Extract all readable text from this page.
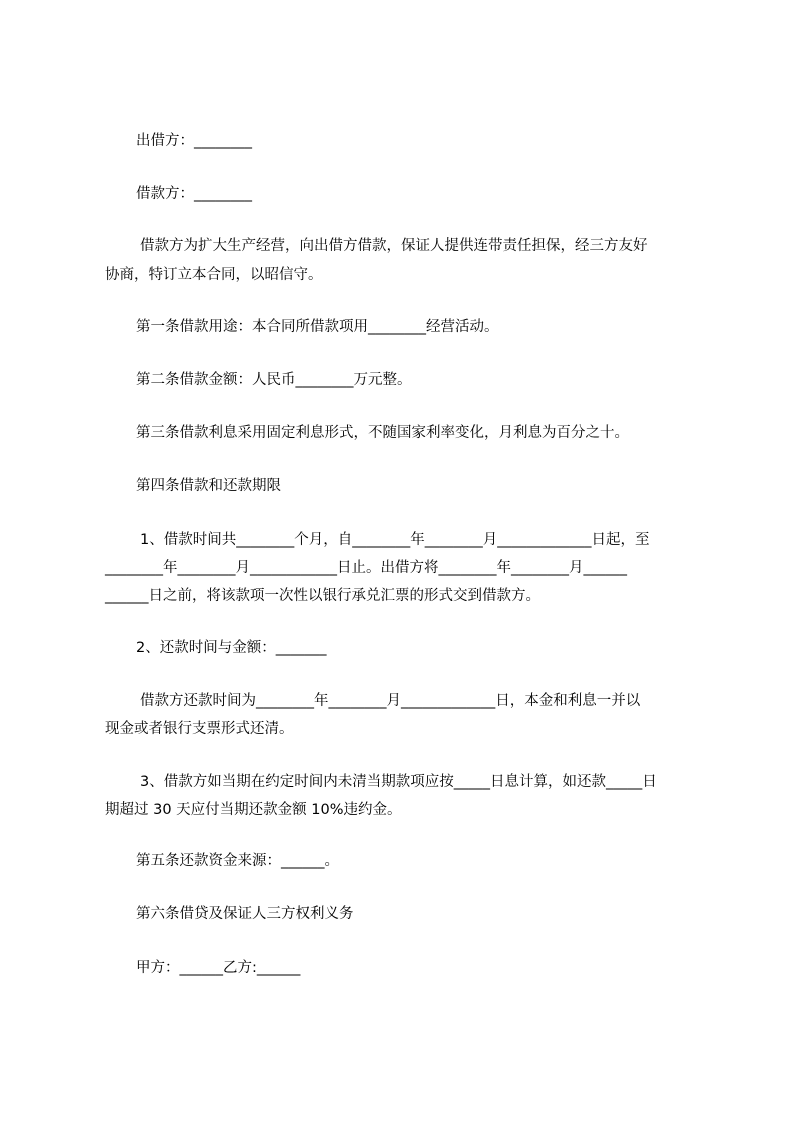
出借方：________

借款方：________

借款方为扩大生产经营，向出借方借款，保证人提供连带责任担保，经三方友好

协商，特订立本合同，以昭信守。

第一条借款用途：本合同所借款项用________经营活动。

第二条借款金额：人民币________万元整。

第三条借款利息采用固定利息形式，不随国家利率变化，月利息为百分之十。

第四条借款和还款期限

1、借款时间共________个月，自________年________月_____________日起，至

________年________月____________日止。出借方将________年________月______

______日之前，将该款项一次性以银行承兑汇票的形式交到借款方。

2、还款时间与金额：_______

借款方还款时间为________年________月_____________日，本金和利息一并以

现金或者银行支票形式还清。

3、借款方如当期在约定时间内未清当期款项应按_____日息计算，如还款_____日

期超过 30 天应付当期还款金额 10%违约金。

第五条还款资金来源：______。

第六条借贷及保证人三方权利义务

甲方：______乙方:______
